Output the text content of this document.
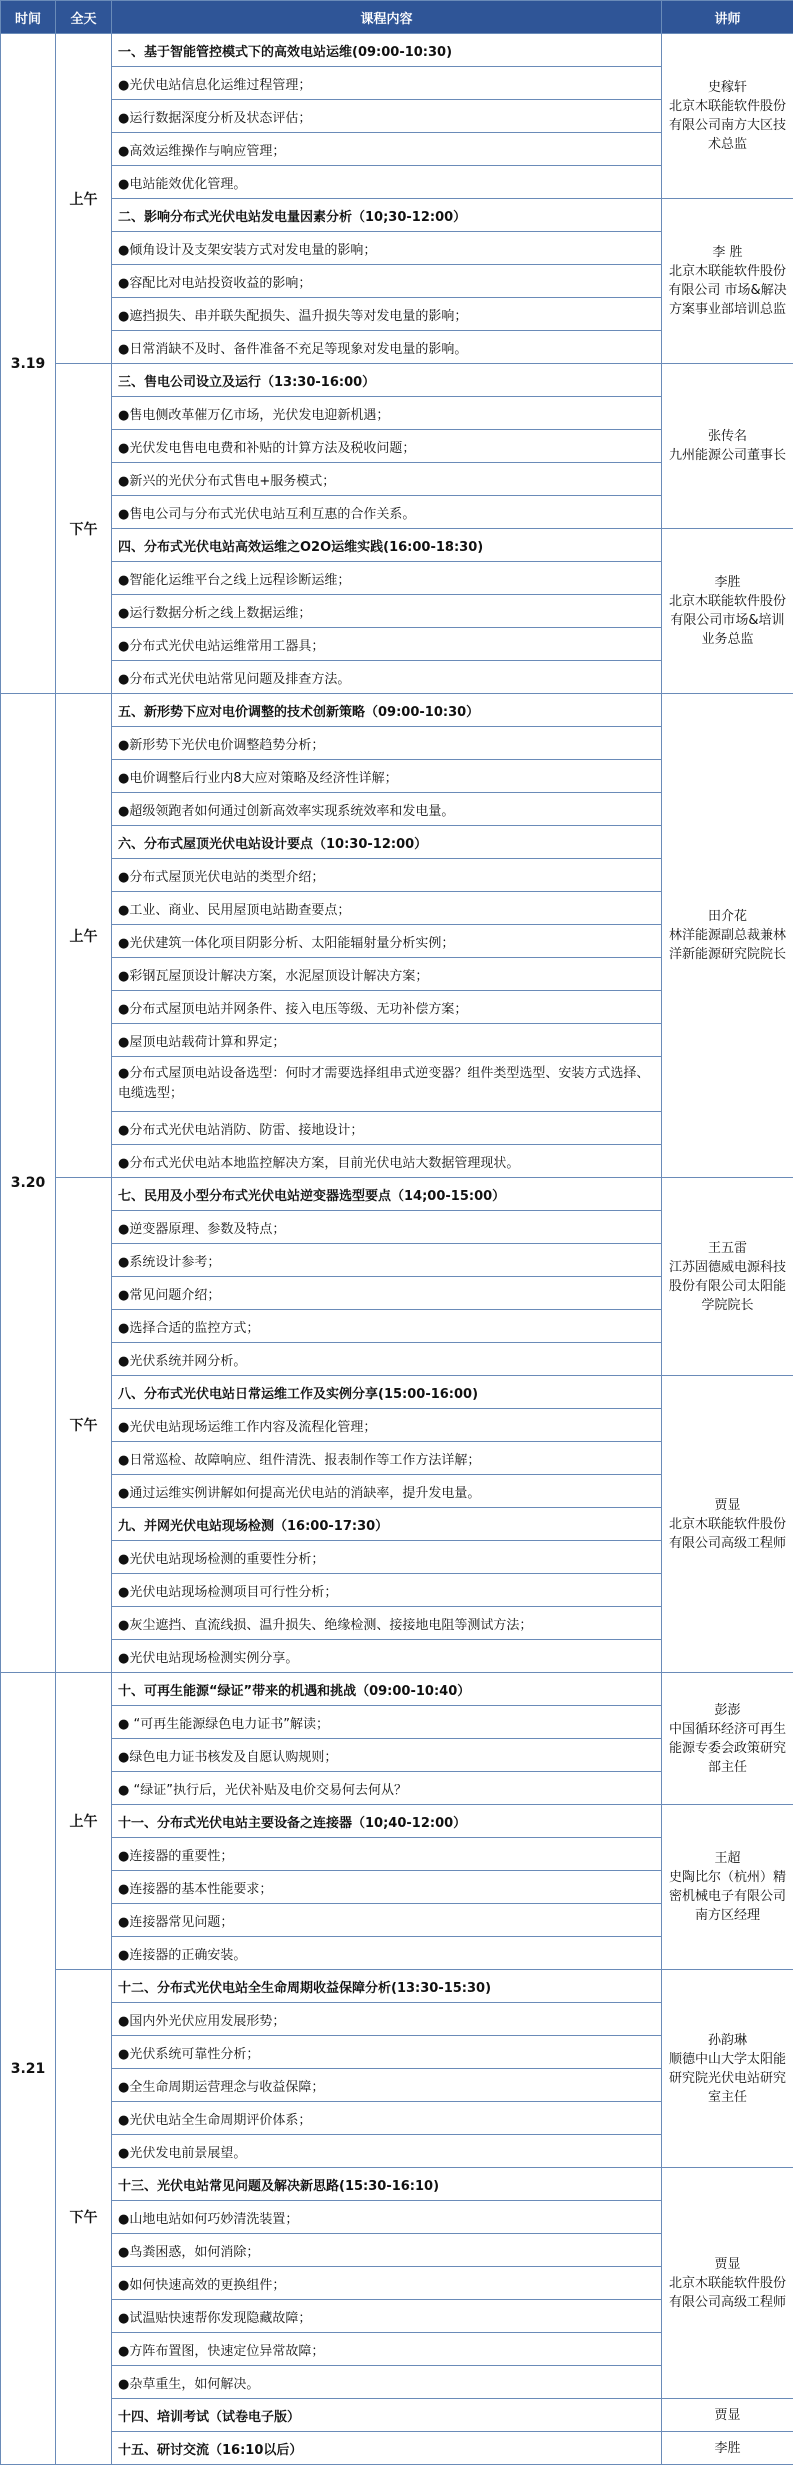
时间	全天	课程内容	讲师
3.19	上午	一、基于智能管控模式下的高效电站运维(09:00-10:30)	史稼轩
北京木联能软件股份有限公司南方大区技术总监

		●光伏电站信息化运维过程管理；	
		●运行数据深度分析及状态评估；	
		●高效运维操作与响应管理；	
		●电站能效优化管理。	
		二、影响分布式光伏电站发电量因素分析（10;30-12:00）	李 胜
北京木联能软件股份有限公司 市场&解决方案事业部培训总监

		●倾角设计及支架安装方式对发电量的影响；	
		●容配比对电站投资收益的影响；	
		●遮挡损失、串并联失配损失、温升损失等对发电量的影响；	
		●日常消缺不及时、备件准备不充足等现象对发电量的影响。	
	下午	三、售电公司设立及运行（13:30-16:00）	张传名
九州能源公司董事长

		●售电侧改革催万亿市场，光伏发电迎新机遇；	
		●光伏发电售电电费和补贴的计算方法及税收问题；	
		●新兴的光伏分布式售电+服务模式；	
		●售电公司与分布式光伏电站互利互惠的合作关系。	
		四、分布式光伏电站高效运维之O2O运维实践(16:00-18:30)	李胜
北京木联能软件股份有限公司市场&培训业务总监

		●智能化运维平台之线上远程诊断运维；	
		●运行数据分析之线上数据运维；	
		●分布式光伏电站运维常用工器具；	
		●分布式光伏电站常见问题及排查方法。	
3.20	上午	五、新形势下应对电价调整的技术创新策略（09:00-10:30）	田介花
林洋能源副总裁兼林洋新能源研究院院长

		●新形势下光伏电价调整趋势分析；	
		●电价调整后行业内8大应对策略及经济性详解；	
		●超级领跑者如何通过创新高效率实现系统效率和发电量。	
		六、分布式屋顶光伏电站设计要点（10:30-12:00）	
		●分布式屋顶光伏电站的类型介绍；	
		●工业、商业、民用屋顶电站勘查要点；	
		●光伏建筑一体化项目阴影分析、太阳能辐射量分析实例；	
		●彩钢瓦屋顶设计解决方案，水泥屋顶设计解决方案；	
		●分布式屋顶电站并网条件、接入电压等级、无功补偿方案；	
		●屋顶电站载荷计算和界定；	
		●分布式屋顶电站设备选型：何时才需要选择组串式逆变器？组件类型选型、安装方式选择、电缆选型；	
		●分布式光伏电站消防、防雷、接地设计；	
		●分布式光伏电站本地监控解决方案，目前光伏电站大数据管理现状。	
	下午	七、民用及小型分布式光伏电站逆变器选型要点（14;00-15:00）	王五雷
江苏固德威电源科技股份有限公司太阳能学院院长

		●逆变器原理、参数及特点；	
		●系统设计参考；	
		●常见问题介绍；	
		●选择合适的监控方式；	
		●光伏系统并网分析。	
		八、分布式光伏电站日常运维工作及实例分享(15:00-16:00)	贾显
北京木联能软件股份有限公司高级工程师

		●光伏电站现场运维工作内容及流程化管理；	
		●日常巡检、故障响应、组件清洗、报表制作等工作方法详解；	
		●通过运维实例讲解如何提高光伏电站的消缺率，提升发电量。	
		九、并网光伏电站现场检测（16:00-17:30）	
		●光伏电站现场检测的重要性分析；	
		●光伏电站现场检测项目可行性分析；	
		●灰尘遮挡、直流线损、温升损失、绝缘检测、接接地电阻等测试方法；	
		●光伏电站现场检测实例分享。	
3.21	上午	十、可再生能源“绿证”带来的机遇和挑战（09:00-10:40）	彭澎
中国循环经济可再生能源专委会政策研究部主任

		● “可再生能源绿色电力证书”解读；	
		●绿色电力证书核发及自愿认购规则；	
		● “绿证”执行后，光伏补贴及电价交易何去何从？	
		十一、分布式光伏电站主要设备之连接器（10;40-12:00）	王超
史陶比尔（杭州）精密机械电子有限公司南方区经理

		●连接器的重要性；	
		●连接器的基本性能要求；	
		●连接器常见问题；	
		●连接器的正确安装。	
	下午	十二、分布式光伏电站全生命周期收益保障分析(13:30-15:30)	孙韵琳
顺德中山大学太阳能研究院光伏电站研究室主任

		●国内外光伏应用发展形势；	
		●光伏系统可靠性分析；	
		●全生命周期运营理念与收益保障；	
		●光伏电站全生命周期评价体系；	
		●光伏发电前景展望。	
		十三、光伏电站常见问题及解决新思路(15:30-16:10)	贾显
北京木联能软件股份有限公司高级工程师

		●山地电站如何巧妙清洗装置；	
		●鸟粪困惑，如何消除；	
		●如何快速高效的更换组件；	
		●试温贴快速帮你发现隐藏故障；	
		●方阵布置图，快速定位异常故障；	
		●杂草重生，如何解决。	
		十四、培训考试（试卷电子版）	贾显

		十五、研讨交流（16:10以后）	李胜
